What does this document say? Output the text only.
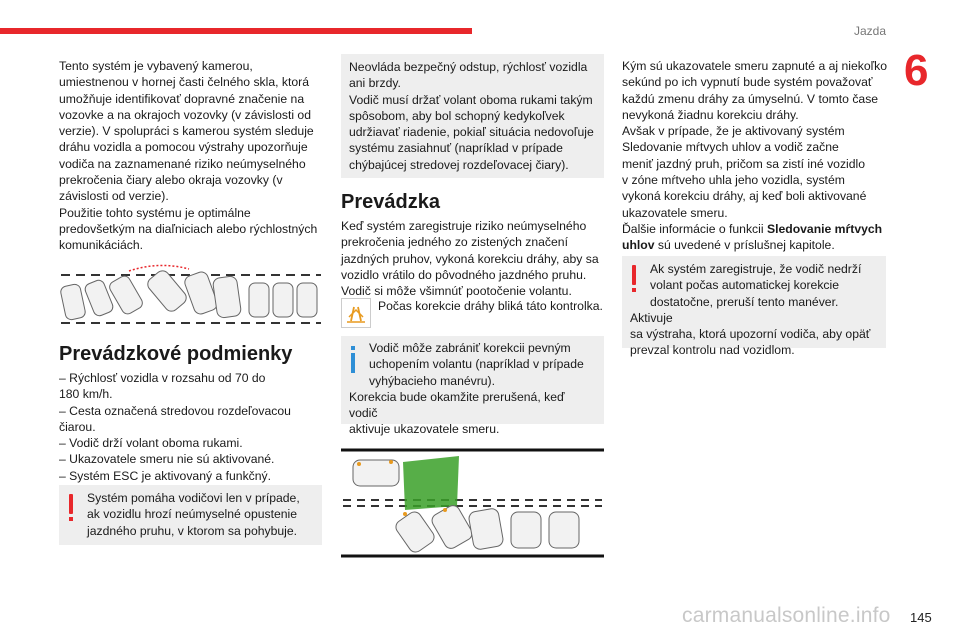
Jazda
6
Tento systém je vybavený kamerou,
umiestnenou v hornej časti čelného skla, ktorá
umožňuje identifikovať dopravné značenie na
vozovke a na okrajoch vozovky (v závislosti od
verzie). V spolupráci s kamerou systém sleduje
dráhu vozidla a pomocou výstrahy upozorňuje
vodiča na zaznamenané riziko neúmyselného
prekročenia čiary alebo okraja vozovky (v
závislosti od verzie).
Použitie tohto systému je optimálne
predovšetkým na diaľniciach alebo rýchlostných
komunikáciách.
Prevádzkové podmienky
– Rýchlosť vozidla v rozsahu od 70 do
180 km/h.
– Cesta označená stredovou rozdeľovacou
čiarou.
– Vodič drží volant oboma rukami.
– Ukazovatele smeru nie sú aktivované.
– Systém ESC je aktivovaný a funkčný.
Systém pomáha vodičovi len v prípade,
ak vozidlu hrozí neúmyselné opustenie
jazdného pruhu, v ktorom sa pohybuje.
Neovláda bezpečný odstup, rýchlosť vozidla
ani brzdy.
Vodič musí držať volant oboma rukami takým
spôsobom, aby bol schopný kedykoľvek
udržiavať riadenie, pokiaľ situácia nedovoľuje
systému zasiahnuť (napríklad v prípade
chýbajúcej stredovej rozdeľovacej čiary).
Prevádzka
Keď systém zaregistruje riziko neúmyselného
prekročenia jedného zo zistených značení
jazdných pruhov, vykoná korekciu dráhy, aby sa
vozidlo vrátilo do pôvodného jazdného pruhu.
Vodič si môže všimnúť pootočenie volantu.
Počas korekcie dráhy bliká táto kontrolka.
Vodič môže zabrániť korekcii pevným
uchopením volantu (napríklad v prípade
vyhýbacieho manévru).
Korekcia bude okamžite prerušená, keď vodič
aktivuje ukazovatele smeru.
Kým sú ukazovatele smeru zapnuté a aj niekoľko
sekúnd po ich vypnutí bude systém považovať
každú zmenu dráhy za úmyselnú. V tomto čase
nevykoná žiadnu korekciu dráhy.
Avšak v prípade, že je aktivovaný systém
Sledovanie mŕtvych uhlov a vodič začne
meniť jazdný pruh, pričom sa zistí iné vozidlo
v zóne mŕtveho uhla jeho vozidla, systém
vykoná korekciu dráhy, aj keď boli aktivované
ukazovatele smeru.
Ďalšie informácie o funkcii Sledovanie mŕtvych
uhlov sú uvedené v príslušnej kapitole.
Ak systém zaregistruje, že vodič nedrží
volant počas automatickej korekcie
dostatočne, preruší tento manéver. Aktivuje
sa výstraha, ktorá upozorní vodiča, aby opäť
prevzal kontrolu nad vozidlom.
carmanualsonline.info 145
